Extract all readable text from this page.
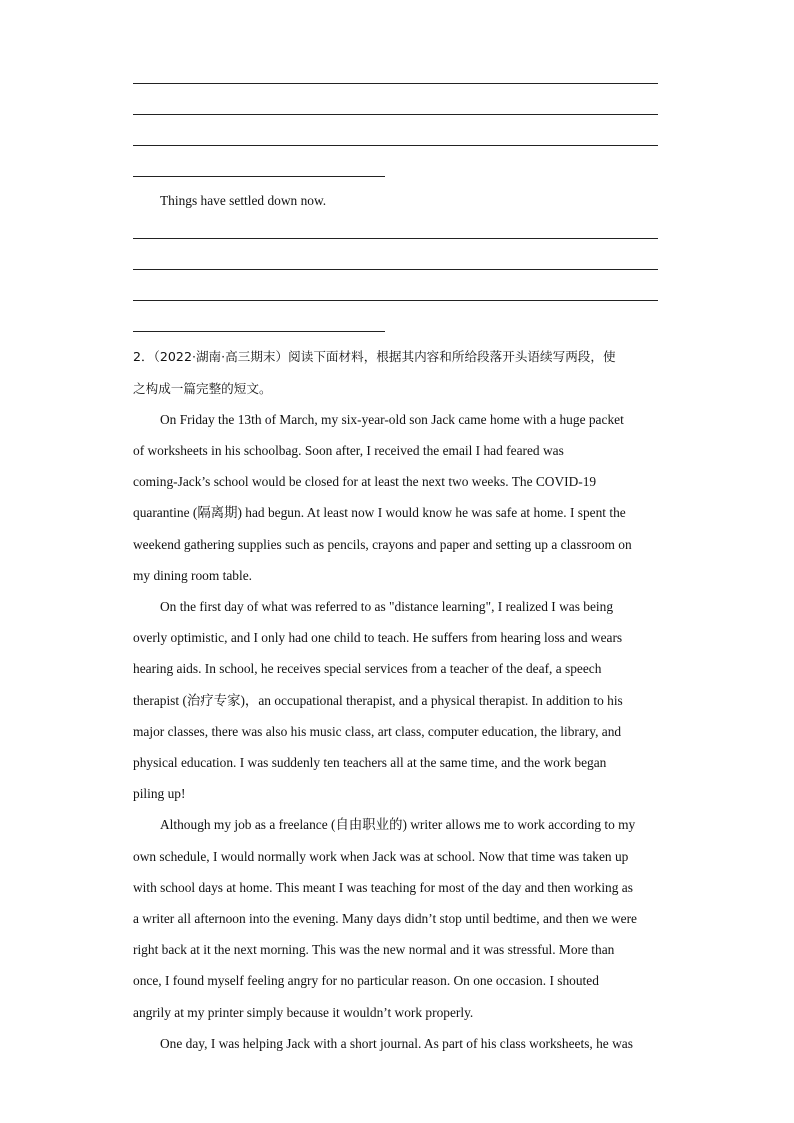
Things have settled down now.
2．（2022·湖南·高三期末）阅读下面材料，根据其内容和所给段落开头语续写两段，使
之构成一篇完整的短文。
On Friday the 13th of March, my six-year-old son Jack came home with a huge packet
of worksheets in his schoolbag. Soon after, I received the email I had feared was
coming-Jack’s school would be closed for at least the next two weeks. The COVID-19
quarantine (隔离期) had begun. At least now I would know he was safe at home. I spent the
weekend gathering supplies such as pencils, crayons and paper and setting up a classroom on
my dining room table.
On the first day of what was referred to as "distance learning", I realized I was being
overly optimistic, and I only had one child to teach. He suffers from hearing loss and wears
hearing aids. In school, he receives special services from a teacher of the deaf, a speech
therapist (治疗专家)，an occupational therapist, and a physical therapist. In addition to his
major classes, there was also his music class, art class, computer education, the library, and
physical education. I was suddenly ten teachers all at the same time, and the work began
piling up!
Although my job as a freelance (自由职业的) writer allows me to work according to my
own schedule, I would normally work when Jack was at school. Now that time was taken up
with school days at home. This meant I was teaching for most of the day and then working as
a writer all afternoon into the evening. Many days didn’t stop until bedtime, and then we were
right back at it the next morning. This was the new normal and it was stressful. More than
once, I found myself feeling angry for no particular reason. On one occasion. I shouted
angrily at my printer simply because it wouldn’t work properly.
One day, I was helping Jack with a short journal. As part of his class worksheets, he was
